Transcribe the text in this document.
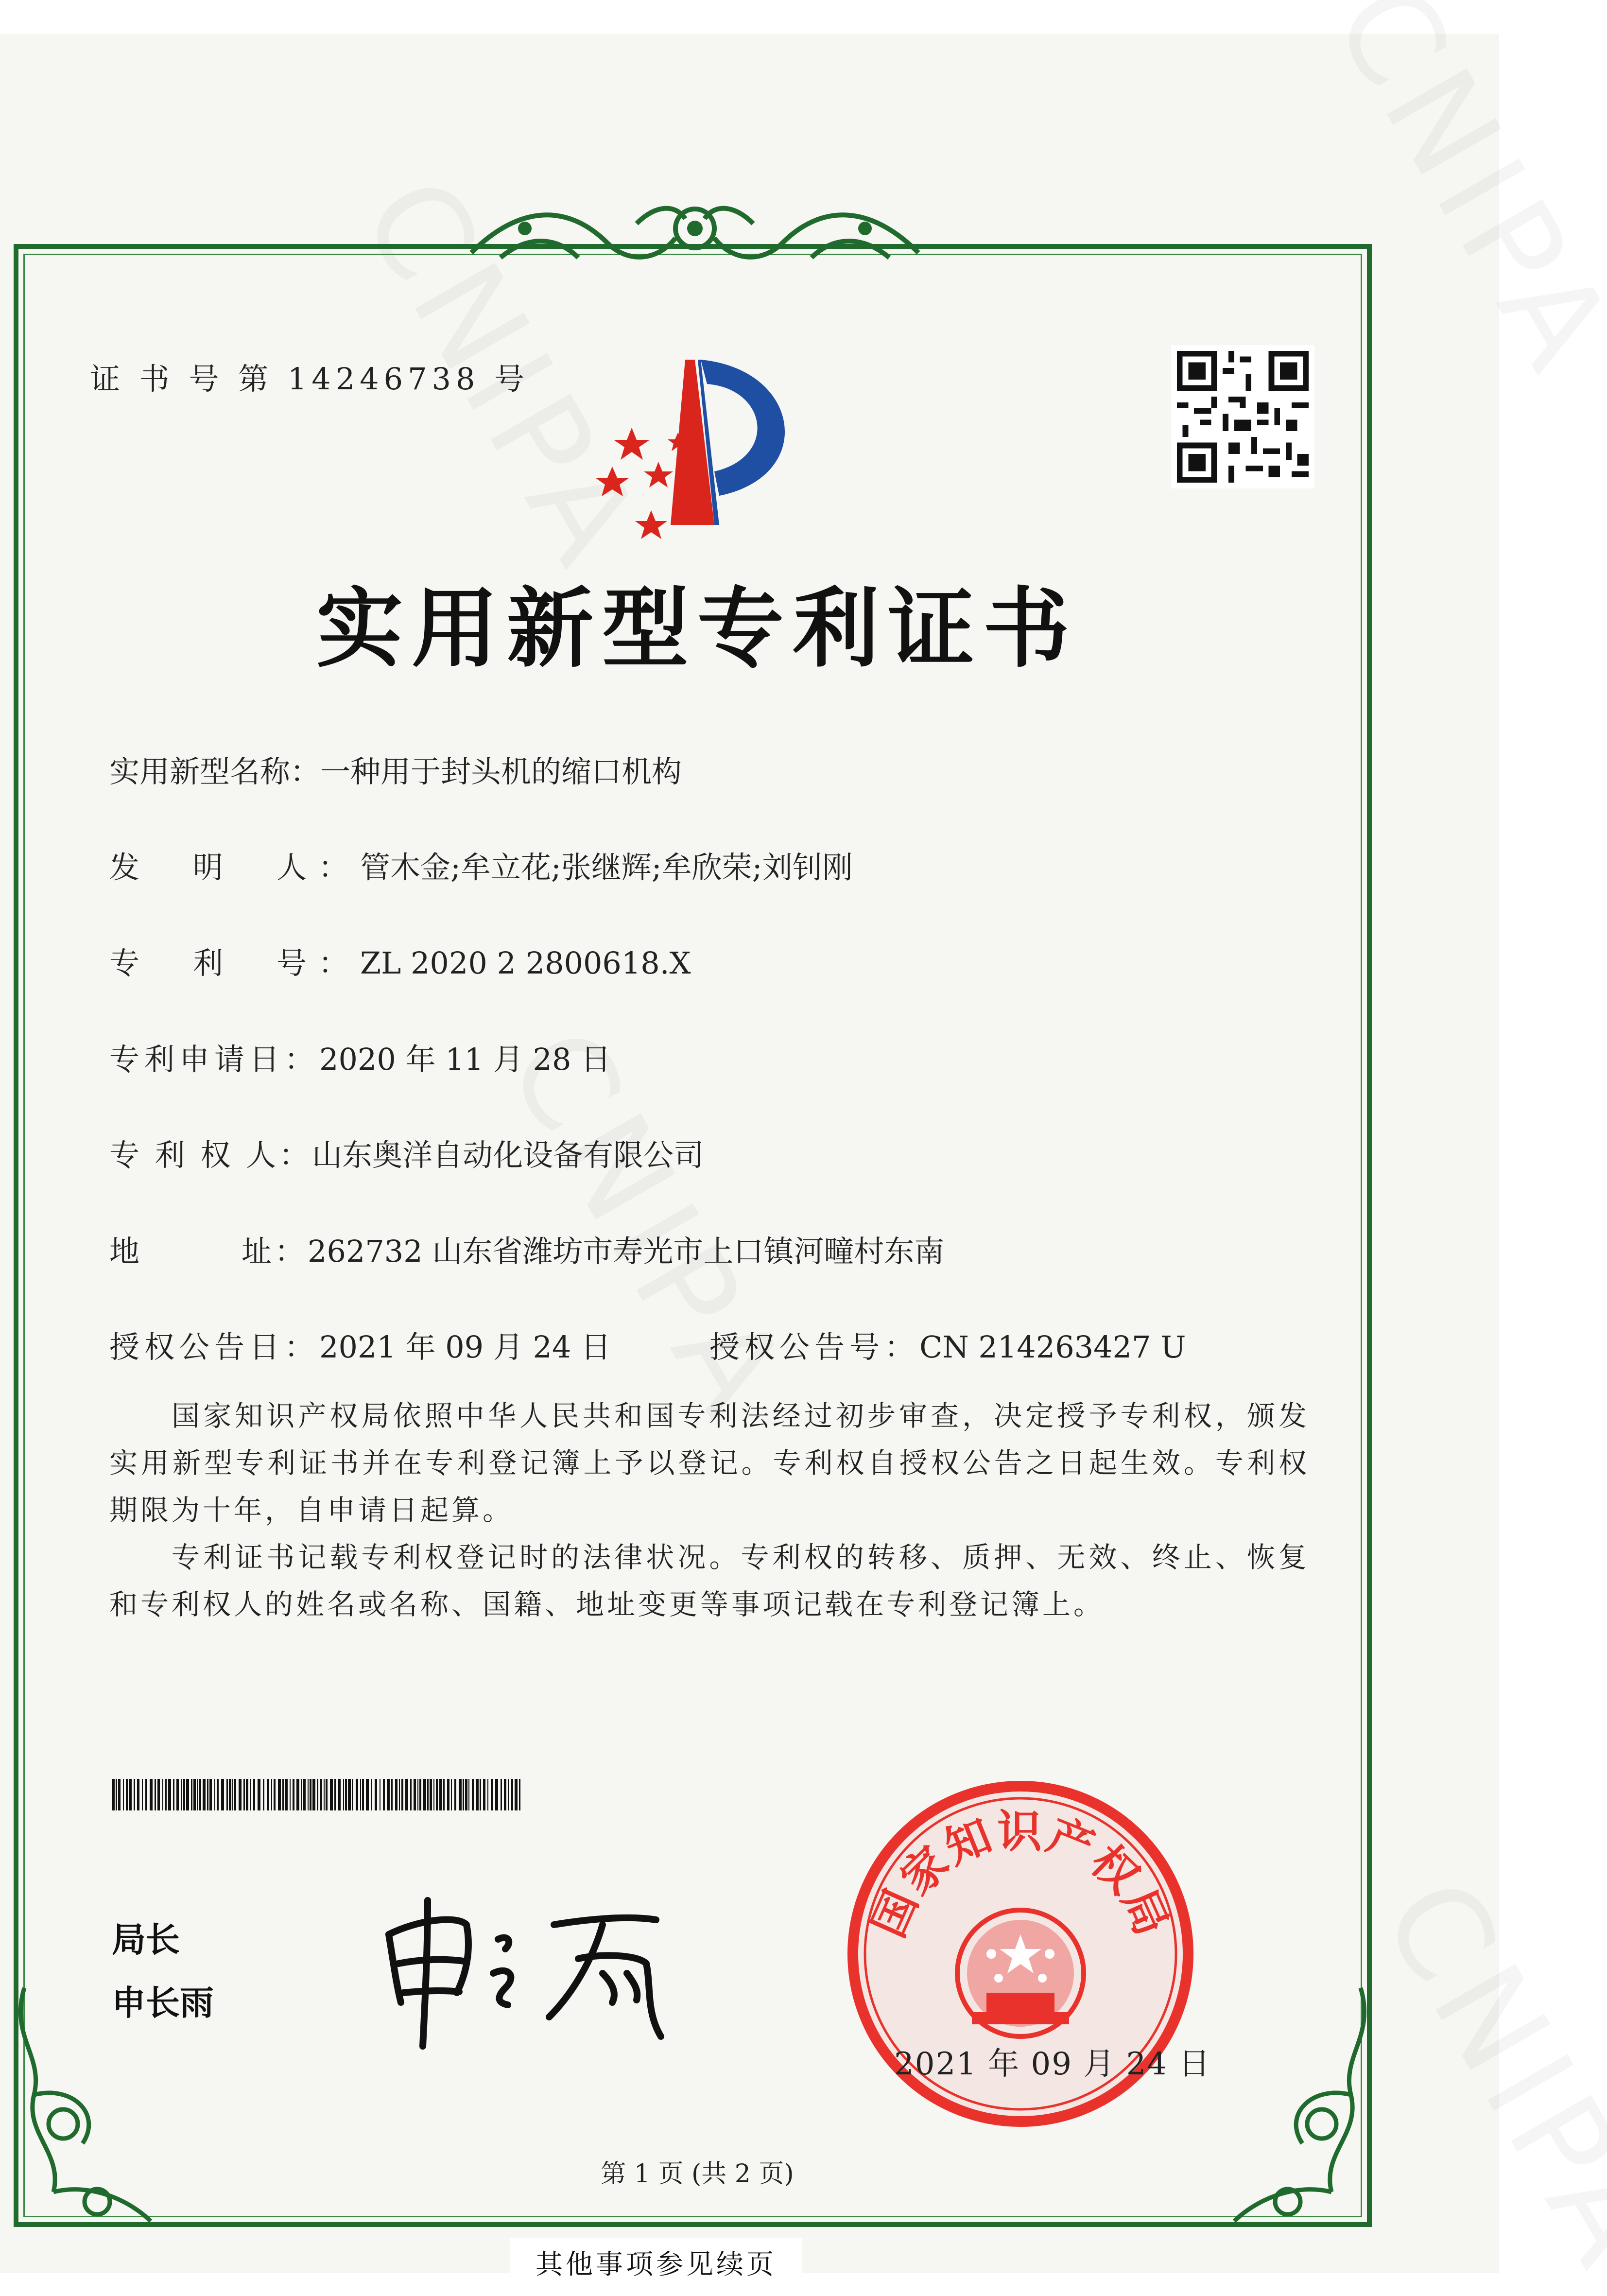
证 书 号 第 14246738 号
实用新型专利证书
实用新型名称：一种用于封头机的缩口机构
发　明　人：管木金;牟立花;张继辉;牟欣荣;刘钊刚
专　利　号：ZL 2020 2 2800618.X
专利申请日：2020 年 11 月 28 日
专 利 权 人：山东奥洋自动化设备有限公司
地　　　址：262732 山东省潍坊市寿光市上口镇河疃村东南
授权公告日：2021 年 09 月 24 日	授权公告号：CN 214263427 U

国家知识产权局依照中华人民共和国专利法经过初步审查，决定授予专利权，颁发实用新型专利证书并在专利登记簿上予以登记。专利权自授权公告之日起生效。专利权期限为十年，自申请日起算。

专利证书记载专利权登记时的法律状况。专利权的转移、质押、无效、终止、恢复和专利权人的姓名或名称、国籍、地址变更等事项记载在专利登记簿上。

局长
申长雨
国家知识产权局
2021 年 09 月 24 日
第 1 页 (共 2 页)
其他事项参见续页
